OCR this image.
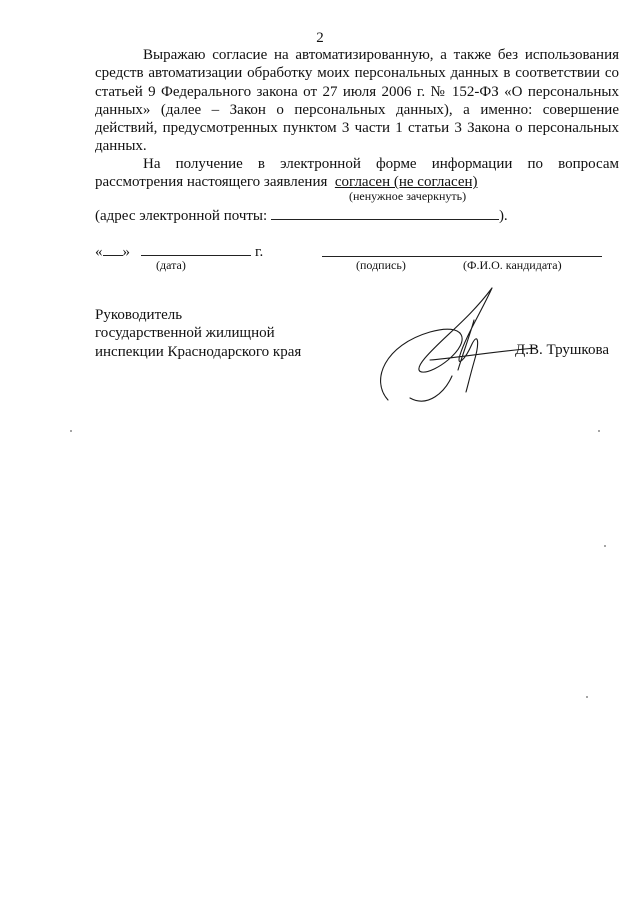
2
Выражаю согласие на автоматизированную, а также без использования средств автоматизации обработку моих персональных данных в соответствии со статьей 9 Федерального закона от 27 июля 2006 г. № 152-ФЗ «О персональных данных» (далее – Закон о персональных данных), а именно: совершение действий, предусмотренных пунктом 3 части 1 статьи 3 Закона о персональных данных.
На получение в электронной форме информации по вопросам рассмотрения настоящего заявления согласен (не согласен)
(ненужное зачеркнуть)
(адрес электронной почты:	).
« »	г.
(дата)	(подпись)	(Ф.И.О. кандидата)
Руководитель
государственной жилищной
инспекции Краснодарского края	Д.В. Трушкова
